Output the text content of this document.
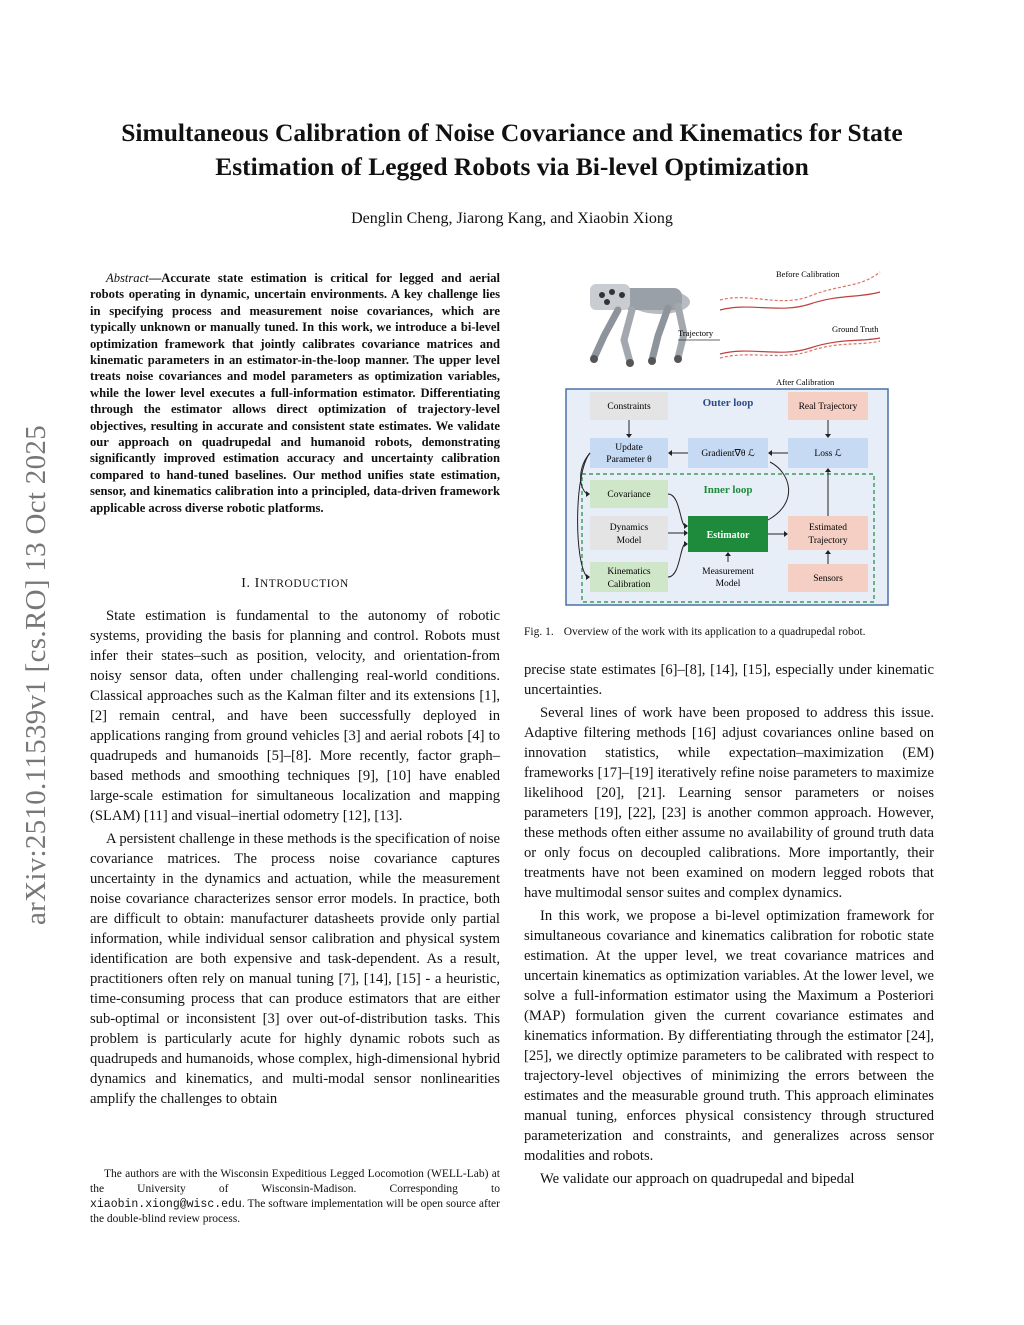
Simultaneous Calibration of Noise Covariance and Kinematics for State
Estimation of Legged Robots via Bi-level Optimization
Denglin Cheng, Jiarong Kang, and Xiaobin Xiong
arXiv:2510.11539v1 [cs.RO] 13 Oct 2025
Abstract—Accurate state estimation is critical for legged and aerial robots operating in dynamic, uncertain environments. A key challenge lies in specifying process and measurement noise covariances, which are typically unknown or manually tuned. In this work, we introduce a bi-level optimization framework that jointly calibrates covariance matrices and kinematic parameters in an estimator-in-the-loop manner. The upper level treats noise covariances and model parameters as optimization variables, while the lower level executes a full-information estimator. Differentiating through the estimator allows direct optimization of trajectory-level objectives, resulting in accurate and consistent state estimates. We validate our approach on quadrupedal and humanoid robots, demonstrating significantly improved estimation accuracy and uncertainty calibration compared to hand-tuned baselines. Our method unifies state estimation, sensor, and kinematics calibration into a principled, data-driven framework applicable across diverse robotic platforms.
I. INTRODUCTION

State estimation is fundamental to the autonomy of robotic systems, providing the basis for planning and control. Robots must infer their states–such as position, velocity, and orientation-from noisy sensor data, often under challenging real-world conditions. Classical approaches such as the Kalman filter and its extensions [1], [2] remain central, and have been successfully deployed in applications ranging from ground vehicles [3] and aerial robots [4] to quadrupeds and humanoids [5]–[8]. More recently, factor graph–based methods and smoothing techniques [9], [10] have enabled large-scale estimation for simultaneous localization and mapping (SLAM) [11] and visual–inertial odometry [12], [13].

A persistent challenge in these methods is the specification of noise covariance matrices. The process noise covariance captures uncertainty in the dynamics and actuation, while the measurement noise covariance characterizes sensor error models. In practice, both are difficult to obtain: manufacturer datasheets provide only partial information, while individual sensor calibration and physical system identification are both expensive and task-dependent. As a result, practitioners often rely on manual tuning [7], [14], [15] - a heuristic, time-consuming process that can produce estimators that are either sub-optimal or inconsistent [3] over out-of-distribution tasks. This problem is particularly acute for highly dynamic robots such as quadrupeds and humanoids, whose complex, high-dimensional hybrid dynamics and kinematics, and multi-modal sensor nonlinearities amplify the challenges to obtain

The authors are with the Wisconsin Expeditious Legged Locomotion (WELL-Lab) at the University of Wisconsin-Madison. Corresponding to xiaobin.xiong@wisc.edu. The software implementation will be open source after the double-blind review process.
Before Calibration
Trajectory	Ground Truth
After Calibration
Constraints	Outer loop	Real Trajectory
Update
Parameter θ
Gradient∇θ ℒ	Loss ℒ
Covariance	Inner loop
Dynamics
Model	Estimator
Estimated
Trajectory
Kinematics
Calibration
Measurement
Model	Sensors
Fig. 1. Overview of the work with its application to a quadrupedal robot.

precise state estimates [6]–[8], [14], [15], especially under kinematic uncertainties.

Several lines of work have been proposed to address this issue. Adaptive filtering methods [16] adjust covariances online based on innovation statistics, while expectation–maximization (EM) frameworks [17]–[19] iteratively refine noise parameters to maximize likelihood [20], [21]. Learning sensor parameters or noises parameters [19], [22], [23] is another common approach. However, these methods often either assume no availability of ground truth data or only focus on decoupled calibrations. More importantly, their treatments have not been examined on modern legged robots that have multimodal sensor suites and complex dynamics.

In this work, we propose a bi-level optimization framework for simultaneous covariance and kinematics calibration for robotic state estimation. At the upper level, we treat covariance matrices and uncertain kinematics as optimization variables. At the lower level, we solve a full-information estimator using the Maximum a Posteriori (MAP) formulation given the current covariance estimates and kinematics information. By differentiating through the estimator [24], [25], we directly optimize parameters to be calibrated with respect to trajectory-level objectives of minimizing the errors between the estimates and the measurable ground truth. This approach eliminates manual tuning, enforces physical consistency through structured parameterization and constraints, and generalizes across sensor modalities and robots.

We validate our approach on quadrupedal and bipedal
